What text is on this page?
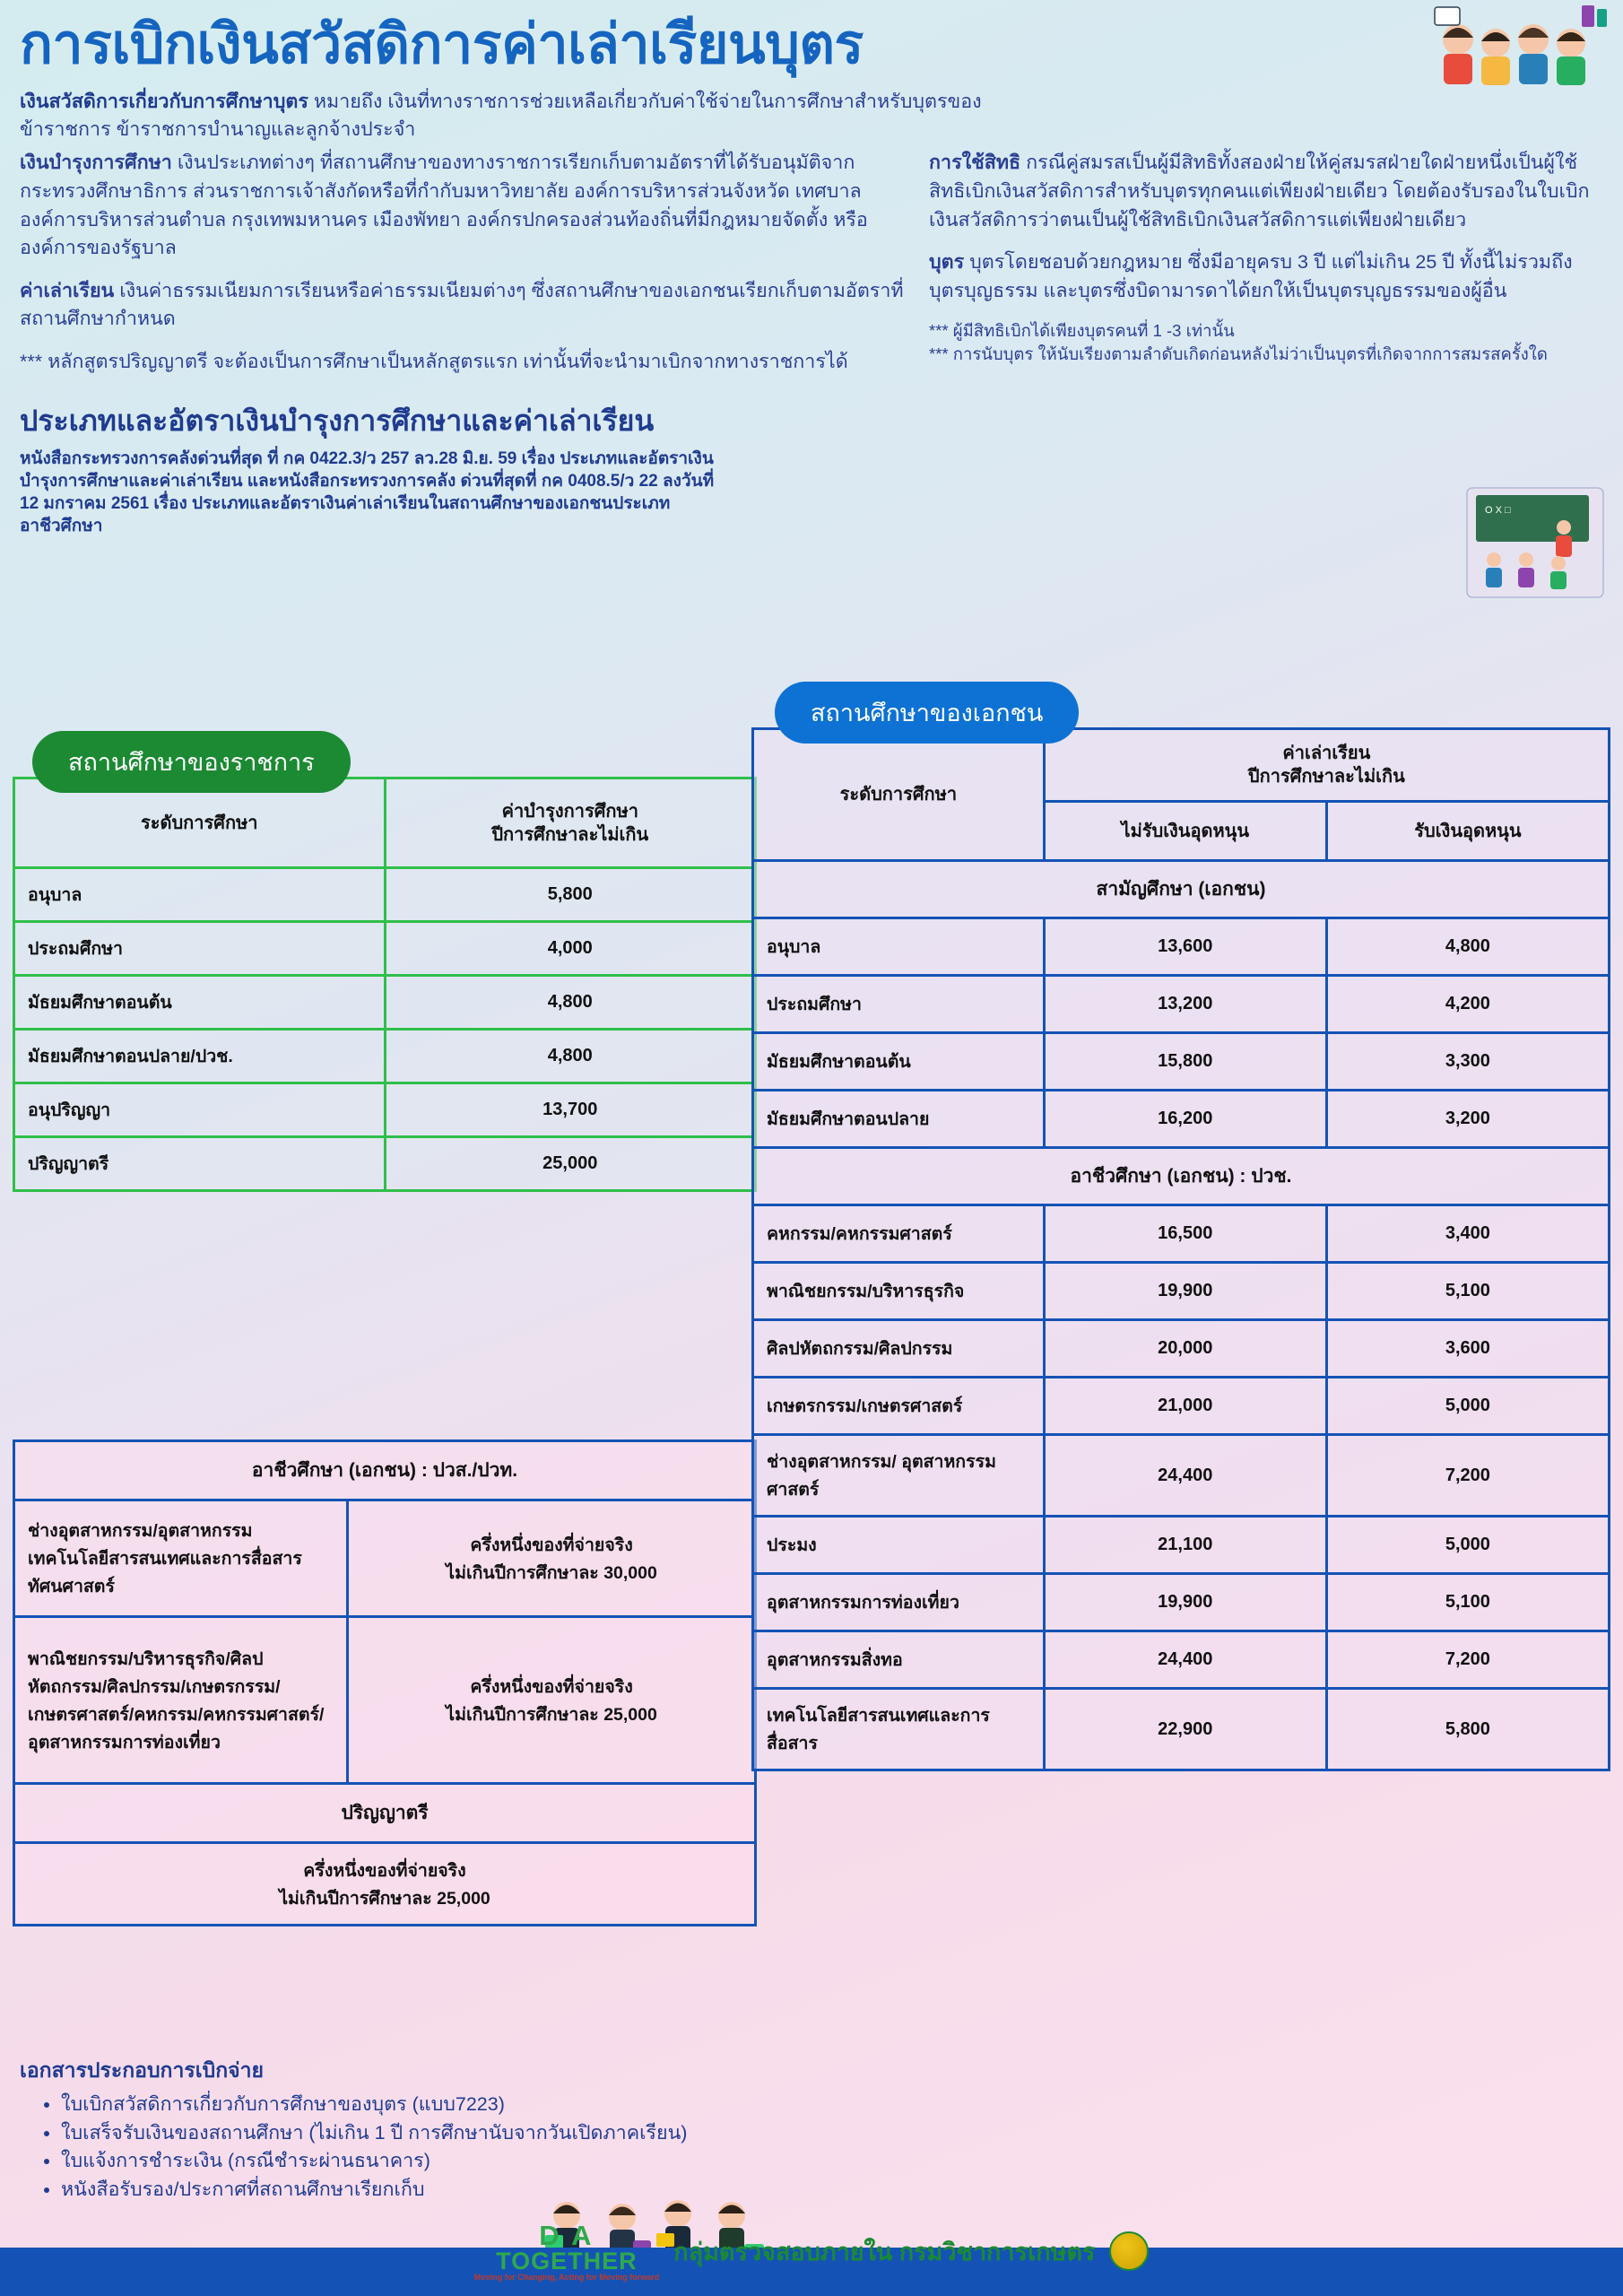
การเบิกเงินสวัสดิการค่าเล่าเรียนบุตร
เงินสวัสดิการเกี่ยวกับการศึกษาบุตร หมายถึง เงินที่ทางราชการช่วยเหลือเกี่ยวกับค่าใช้จ่ายในการศึกษาสำหรับบุตรของ
ข้าราชการ ข้าราชการบำนาญและลูกจ้างประจำ
เงินบำรุงการศึกษา เงินประเภทต่างๆ ที่สถานศึกษาของทางราชการเรียกเก็บตามอัตราที่ได้รับอนุมัติจากกระทรวงศึกษาธิการ ส่วนราชการเจ้าสังกัดหรือที่กำกับมหาวิทยาลัย องค์การบริหารส่วนจังหวัด เทศบาล องค์การบริหารส่วนตำบล กรุงเทพมหานคร เมืองพัทยา องค์กรปกครองส่วนท้องถิ่นที่มีกฎหมายจัดตั้ง หรือองค์การของรัฐบาล
ค่าเล่าเรียน เงินค่าธรรมเนียมการเรียนหรือค่าธรรมเนียมต่างๆ ซึ่งสถานศึกษาของเอกชนเรียกเก็บตามอัตราที่สถานศึกษากำหนด
*** หลักสูตรปริญญาตรี จะต้องเป็นการศึกษาเป็นหลักสูตรแรก เท่านั้นที่จะนำมาเบิกจากทางราชการได้
การใช้สิทธิ กรณีคู่สมรสเป็นผู้มีสิทธิทั้งสองฝ่ายให้คู่สมรสฝ่ายใดฝ่ายหนึ่งเป็นผู้ใช้สิทธิเบิกเงินสวัสดิการสำหรับบุตรทุกคนแต่เพียงฝ่ายเดียว โดยต้องรับรองในใบเบิกเงินสวัสดิการว่าตนเป็นผู้ใช้สิทธิเบิกเงินสวัสดิการแต่เพียงฝ่ายเดียว
บุตร บุตรโดยชอบด้วยกฎหมาย ซึ่งมีอายุครบ 3 ปี แต่ไม่เกิน 25 ปี ทั้งนี้ไม่รวมถึงบุตรบุญธรรม และบุตรซึ่งบิดามารดาได้ยกให้เป็นบุตรบุญธรรมของผู้อื่น
*** ผู้มีสิทธิเบิกได้เพียงบุตรคนที่ 1 -3 เท่านั้น
*** การนับบุตร ให้นับเรียงตามลำดับเกิดก่อนหลังไม่ว่าเป็นบุตรที่เกิดจากการสมรสครั้งใด
O X □
ประเภทและอัตราเงินบำรุงการศึกษาและค่าเล่าเรียน
หนังสือกระทรวงการคลังด่วนที่สุด ที่ กค 0422.3/ว 257 ลว.28 มิ.ย. 59 เรื่อง ประเภทและอัตราเงินบำรุงการศึกษาและค่าเล่าเรียน และหนังสือกระทรวงการคลัง ด่วนที่สุดที่ กค 0408.5/ว 22 ลงวันที่ 12 มกราคม 2561 เรื่อง ประเภทและอัตราเงินค่าเล่าเรียนในสถานศึกษาของเอกชนประเภทอาชีวศึกษา
สถานศึกษาของราชการ
ระดับการศึกษา	ค่าบำรุงการศึกษา
ปีการศึกษาละไม่เกิน

อนุบาล	5,800
ประถมศึกษา	4,000
มัธยมศึกษาตอนต้น	4,800
มัธยมศึกษาตอนปลาย/ปวช.	4,800
อนุปริญญา	13,700
ปริญญาตรี	25,000
อาชีวศึกษา (เอกชน) : ปวส./ปวท.	
ช่างอุตสาหกรรม/อุตสาหกรรม เทคโนโลยีสารสนเทศและการสื่อสาร ทัศนศาสตร์	ครึ่งหนึ่งของที่จ่ายจริง
ไม่เกินปีการศึกษาละ 30,000

พาณิชยกรรม/บริหารธุรกิจ/ศิลปหัตถกรรม/ศิลปกรรม/เกษตรกรรม/เกษตรศาสตร์/คหกรรม/คหกรรมศาสตร์/อุตสาหกรรมการท่องเที่ยว	ครึ่งหนึ่งของที่จ่ายจริง
ไม่เกินปีการศึกษาละ 25,000

ปริญญาตรี	

ครึ่งหนึ่งของที่จ่ายจริง
ไม่เกินปีการศึกษาละ 25,000	
สถานศึกษาของเอกชน
ระดับการศึกษา	ค่าเล่าเรียน
ปีการศึกษาละไม่เกิน	

	ไม่รับเงินอุดหนุน	รับเงินอุดหนุน
สามัญศึกษา (เอกชน)		
อนุบาล	13,600	4,800
ประถมศึกษา	13,200	4,200
มัธยมศึกษาตอนต้น	15,800	3,300
มัธยมศึกษาตอนปลาย	16,200	3,200
อาชีวศึกษา (เอกชน) : ปวช.		
คหกรรม/คหกรรมศาสตร์	16,500	3,400
พาณิชยกรรม/บริหารธุรกิจ	19,900	5,100
ศิลปหัตถกรรม/ศิลปกรรม	20,000	3,600
เกษตรกรรม/เกษตรศาสตร์	21,000	5,000
ช่างอุตสาหกรรม/ อุตสาหกรรมศาสตร์	24,400	7,200
ประมง	21,100	5,000
อุตสาหกรรมการท่องเที่ยว	19,900	5,100
อุตสาหกรรมสิ่งทอ	24,400	7,200
เทคโนโลยีสารสนเทศและการสื่อสาร	22,900	5,800
เอกสารประกอบการเบิกจ่าย
• ใบเบิกสวัสดิการเกี่ยวกับการศึกษาของบุตร (แบบ7223)
• ใบเสร็จรับเงินของสถานศึกษา (ไม่เกิน 1 ปี การศึกษานับจากวันเปิดภาคเรียน)
• ใบแจ้งการชำระเงิน (กรณีชำระผ่านธนาคาร)
• หนังสือรับรอง/ประกาศที่สถานศึกษาเรียกเก็บ
D A
TOGETHER
Moving for Changing, Acting for Moving forward
กลุ่มตรวจสอบภายใน กรมวิชาการเกษตร
